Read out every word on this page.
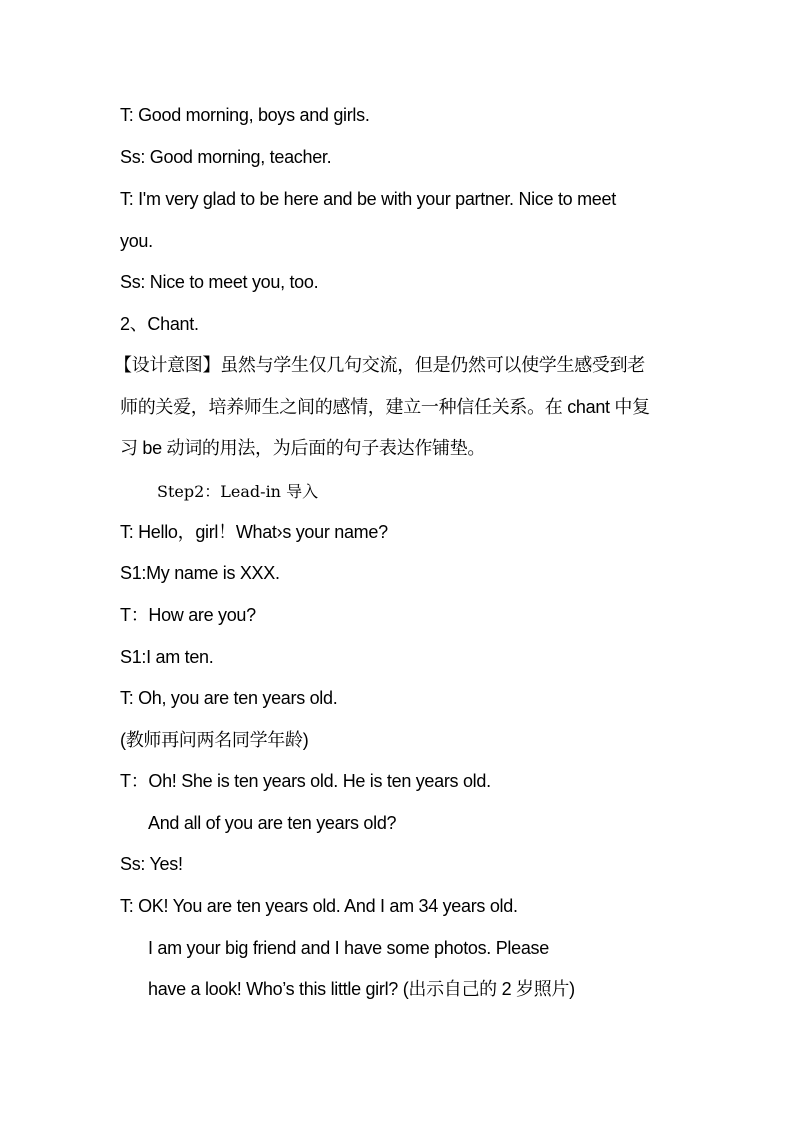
T: Good morning, boys and girls.
Ss: Good morning, teacher.
T: I'm very glad to be here and be with your partner. Nice to meet
you.
Ss: Nice to meet you, too.
2、Chant.
【设计意图】虽然与学生仅几句交流，但是仍然可以使学生感受到老
师的关爱，培养师生之间的感情，建立一种信任关系。在 chant 中复
习 be 动词的用法，为后面的句子表达作铺垫。
Step2：Lead-in 导入
T: Hello，girl！What›s your name?
S1:My name is XXX.
T：How are you?
S1:I am ten.
T: Oh, you are ten years old.
(教师再问两名同学年龄)
T：Oh! She is ten years old. He is ten years old.
And all of you are ten years old?
Ss: Yes!
T: OK! You are ten years old. And I am 34 years old.
I am your big friend and I have some photos. Please
have a look! Who’s this little girl? (出示自己的 2 岁照片)
